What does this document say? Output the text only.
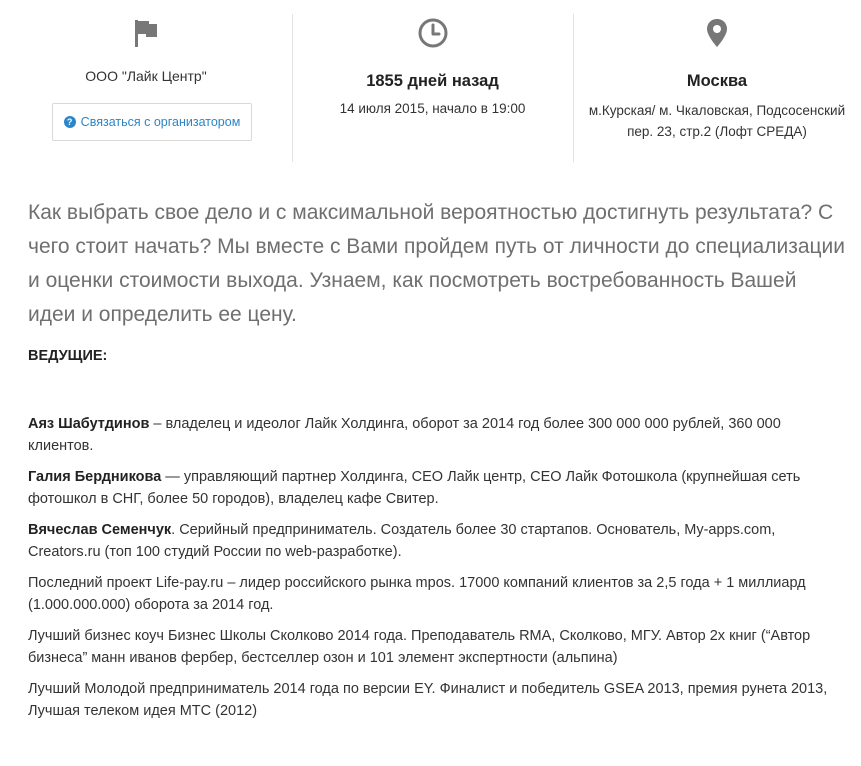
ООО "Лайк Центр"
? Связаться с организатором
1855 дней назад
14 июля 2015, начало в 19:00
Москва
м.Курская/ м. Чкаловская, Подсосенский пер. 23, стр.2 (Лофт СРЕДА)
Как выбрать свое дело и с максимальной вероятностью достигнуть результата? С чего стоит начать? Мы вместе с Вами пройдем путь от личности до специализации и оценки стоимости выхода. Узнаем, как посмотреть востребованность Вашей идеи и определить ее цену.
ВЕДУЩИЕ:

Аяз Шабутдинов – владелец и идеолог Лайк Холдинга, оборот за 2014 год более 300 000 000 рублей, 360 000 клиентов.

Галия Бердникова — управляющий партнер Холдинга, CEO Лайк центр, CEO Лайк Фотошкола (крупнейшая сеть фотошкол в СНГ, более 50 городов), владелец кафе Свитер.

Вячеслав Семенчук. Серийный предприниматель. Создатель более 30 стартапов. Основатель, My-apps.com, Creators.ru (топ 100 студий России по web-разработке).

Последний проект Life-pay.ru – лидер российского рынка mpos. 17000 компаний клиентов за 2,5 года + 1 миллиард (1.000.000.000) оборота за 2014 год.

Лучший бизнес коуч Бизнес Школы Сколково 2014 года. Преподаватель RMA, Сколково, МГУ. Автор 2х книг (“Автор бизнеса” манн иванов фербер, бестселлер озон и 101 элемент экспертности (альпина)

Лучший Молодой предприниматель 2014 года по версии EY. Финалист и победитель GSEA 2013, премия рунета 2013, Лучшая телеком идея МТС (2012)
